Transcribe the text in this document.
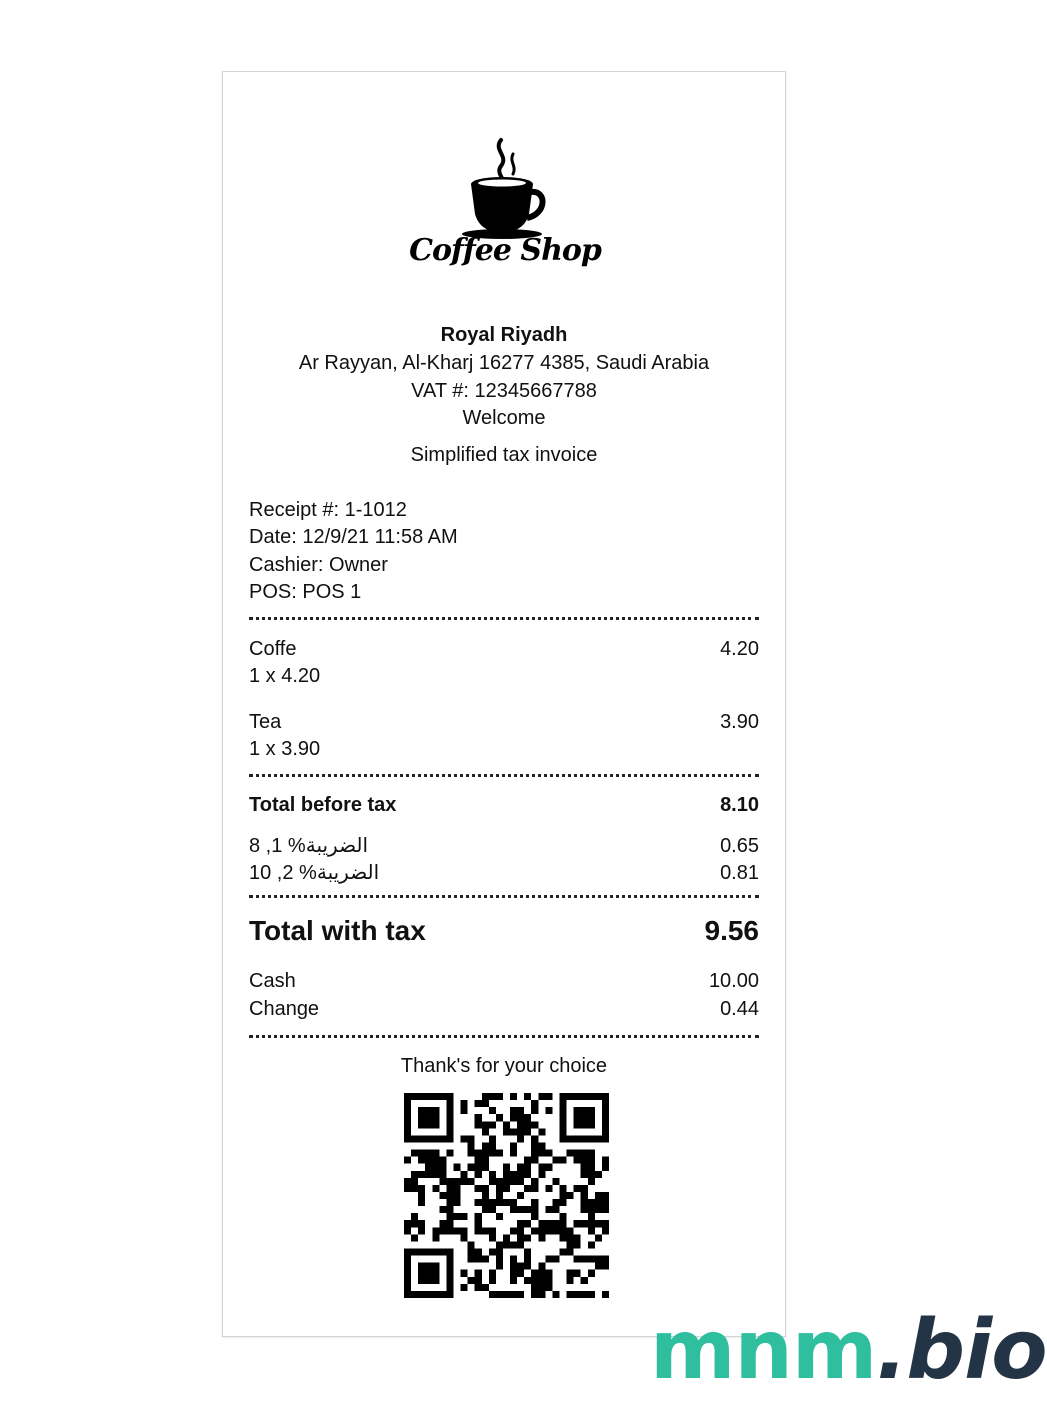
Coffee Shop
Royal Riyadh
Ar Rayyan, Al-Kharj 16277 4385, Saudi Arabia
VAT #: 12345667788
Welcome
Simplified tax invoice
Receipt #: 1-1012
Date: 12/9/21 11:58 AM
Cashier: Owner
POS: POS 1
Coffe	4.20
1 x 4.20
Tea	3.90
1 x 3.90
Total before tax	8.10
الضريبة% 1, 8	0.65
الضريبة% 2, 10	0.81
Total with tax	9.56
Cash	10.00
Change	0.44
Thank's for your choice
mnm.bio
